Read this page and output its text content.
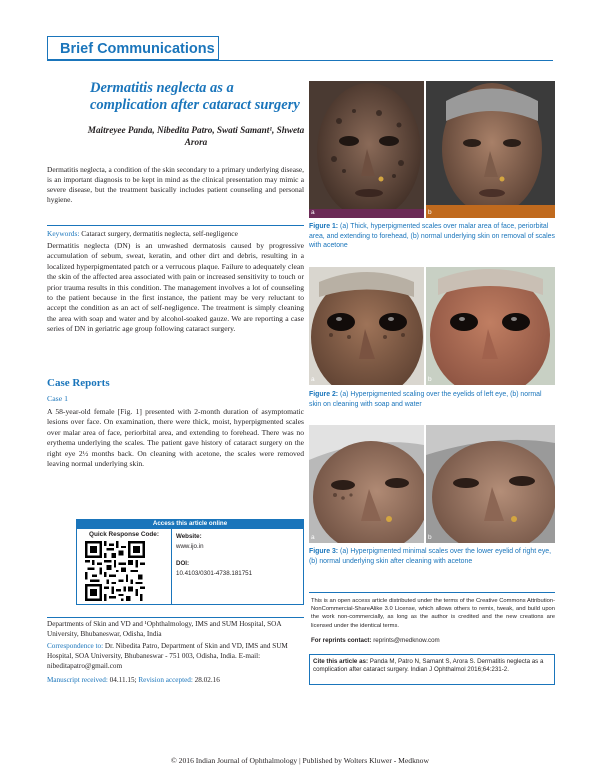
Brief Communications
Dermatitis neglecta as a complication after cataract surgery
Maitreyee Panda, Nibedita Patro, Swati Samant¹, Shweta Arora
Dermatitis neglecta, a condition of the skin secondary to a primary underlying disease, is an important diagnosis to be kept in mind as the clinical presentation may mimic a severe disease, but the treatment basically includes patient counseling and personal hygiene.
Keywords: Cataract surgery, dermatitis neglecta, self-negligence
Dermatitis neglecta (DN) is an unwashed dermatosis caused by progressive accumulation of sebum, sweat, keratin, and other dirt and debris, resulting in a localized hyperpigmentated patch or a verrucous plaque. Failure to adequately clean the skin of the affected area associated with pain or increased sensitivity to touch or prior trauma results in this condition. The management involves a lot of counseling to the patient because in the first instance, the patient may be very reluctant to accept the condition as an act of self-negligence. The treatment is simply cleaning the area with soap and water and by alcohol-soaked gauze. We are reporting a case series of DN in geriatric age group following cataract surgery.
Case Reports
Case 1
A 58-year-old female [Fig. 1] presented with 2-month duration of asymptomatic lesions over face. On examination, there were thick, moist, hyperpigmented scales over malar area of face, periorbital area, and extending to forehead. There was no erythema underlying the scales. The patient gave history of cataract surgery on the right eye 2½ months back. On cleaning with acetone, the scales were removed leaving normal underlying skin.
Access this article online
Quick Response Code:	Website:
www.ijo.in
DOI:
10.4103/0301-4738.181751
Departments of Skin and VD and ¹Ophthalmology, IMS and SUM Hospital, SOA University, Bhubaneswar, Odisha, India
Correspondence to: Dr. Nibedita Patro, Department of Skin and VD, IMS and SUM Hospital, SOA University, Bhubaneswar - 751 003, Odisha, India. E-mail: nibeditapatro@gmail.com
Manuscript received: 04.11.15; Revision accepted: 28.02.16
a	b
Figure 1: (a) Thick, hyperpigmented scales over malar area of face, periorbital area, and extending to forehead, (b) normal underlying skin on removal of scales with acetone
a	b
Figure 2: (a) Hyperpigmented scaling over the eyelids of left eye, (b) normal skin on cleaning with soap and water
a	b
Figure 3: (a) Hyperpigmented minimal scales over the lower eyelid of right eye, (b) normal underlying skin after cleaning with acetone
This is an open access article distributed under the terms of the Creative Commons Attribution-NonCommercial-ShareAlike 3.0 License, which allows others to remix, tweak, and build upon the work non-commercially, as long as the author is credited and the new creations are licensed under the identical terms.
For reprints contact: reprints@medknow.com
Cite this article as: Panda M, Patro N, Samant S, Arora S. Dermatitis neglecta as a complication after cataract surgery. Indian J Ophthalmol 2016;64:231-2.
© 2016 Indian Journal of Ophthalmology | Published by Wolters Kluwer - Medknow
